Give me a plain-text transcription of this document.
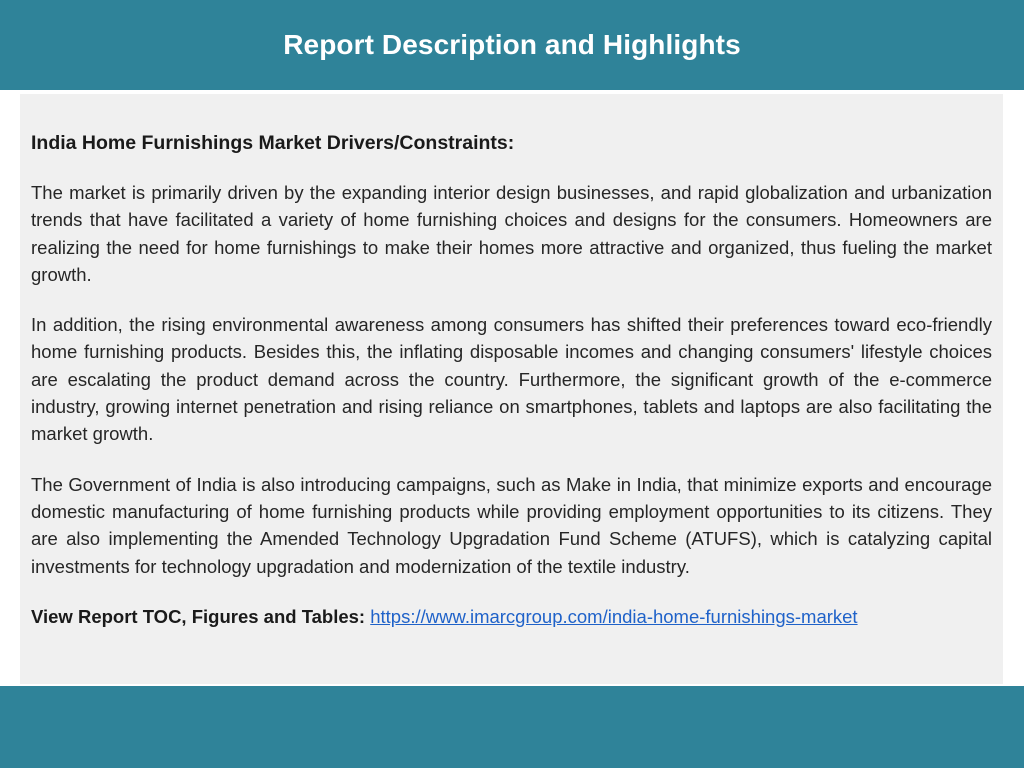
Report Description and Highlights

India Home Furnishings Market Drivers/Constraints:

The market is primarily driven by the expanding interior design businesses, and rapid globalization and urbanization trends that have facilitated a variety of home furnishing choices and designs for the consumers. Homeowners are realizing the need for home furnishings to make their homes more attractive and organized, thus fueling the market growth.

In addition, the rising environmental awareness among consumers has shifted their preferences toward eco-friendly home furnishing products. Besides this, the inflating disposable incomes and changing consumers' lifestyle choices are escalating the product demand across the country. Furthermore, the significant growth of the e-commerce industry, growing internet penetration and rising reliance on smartphones, tablets and laptops are also facilitating the market growth.

The Government of India is also introducing campaigns, such as Make in India, that minimize exports and encourage domestic manufacturing of home furnishing products while providing employment opportunities to its citizens. They are also implementing the Amended Technology Upgradation Fund Scheme (ATUFS), which is catalyzing capital investments for technology upgradation and modernization of the textile industry.

View Report TOC, Figures and Tables: https://www.imarcgroup.com/india-home-furnishings-market
